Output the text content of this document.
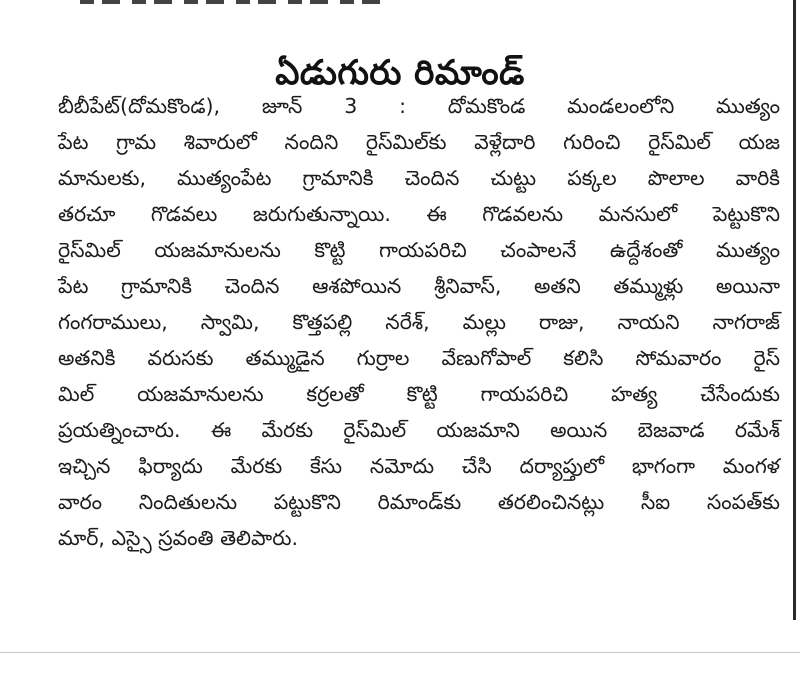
ఏడుగురు రిమాండ్
బీబీపేట్(దోమకొండ), జూన్ 3 : దోమకొండ మండలంలోని ముత్యం
పేట గ్రామ శివారులో నందిని రైస్‌మిల్‌కు వెళ్లేదారి గురించి రైస్‌మిల్ యజ
మానులకు, ముత్యంపేట గ్రామానికి చెందిన చుట్టు పక్కల పొలాల వారికి
తరచూ గొడవలు జరుగుతున్నాయి. ఈ గొడవలను మనసులో పెట్టుకొని
రైస్‌మిల్ యజమానులను కొట్టి గాయపరిచి చంపాలనే ఉద్దేశంతో ముత్యం
పేట గ్రామానికి చెందిన ఆశపోయిన శ్రీనివాస్, అతని తమ్ముళ్లు అయినా
గంగరాములు, స్వామి, కొత్తపల్లి నరేశ్, మల్లు రాజు, నాయని నాగరాజ్
అతనికి వరుసకు తమ్ముడైన గుర్రాల వేణుగోపాల్ కలిసి సోమవారం రైస్
మిల్ యజమానులను కర్రలతో కొట్టి గాయపరిచి హత్య చేసేందుకు
ప్రయత్నించారు. ఈ మేరకు రైస్‌మిల్ యజమాని అయిన బెజవాడ రమేశ్
ఇచ్చిన ఫిర్యాదు మేరకు కేసు నమోదు చేసి దర్యాప్తులో భాగంగా మంగళ
వారం నిందితులను పట్టుకొని రిమాండ్‌కు తరలించినట్లు సీఐ సంపత్‌కు
మార్, ఎస్సై స్రవంతి తెలిపారు.
